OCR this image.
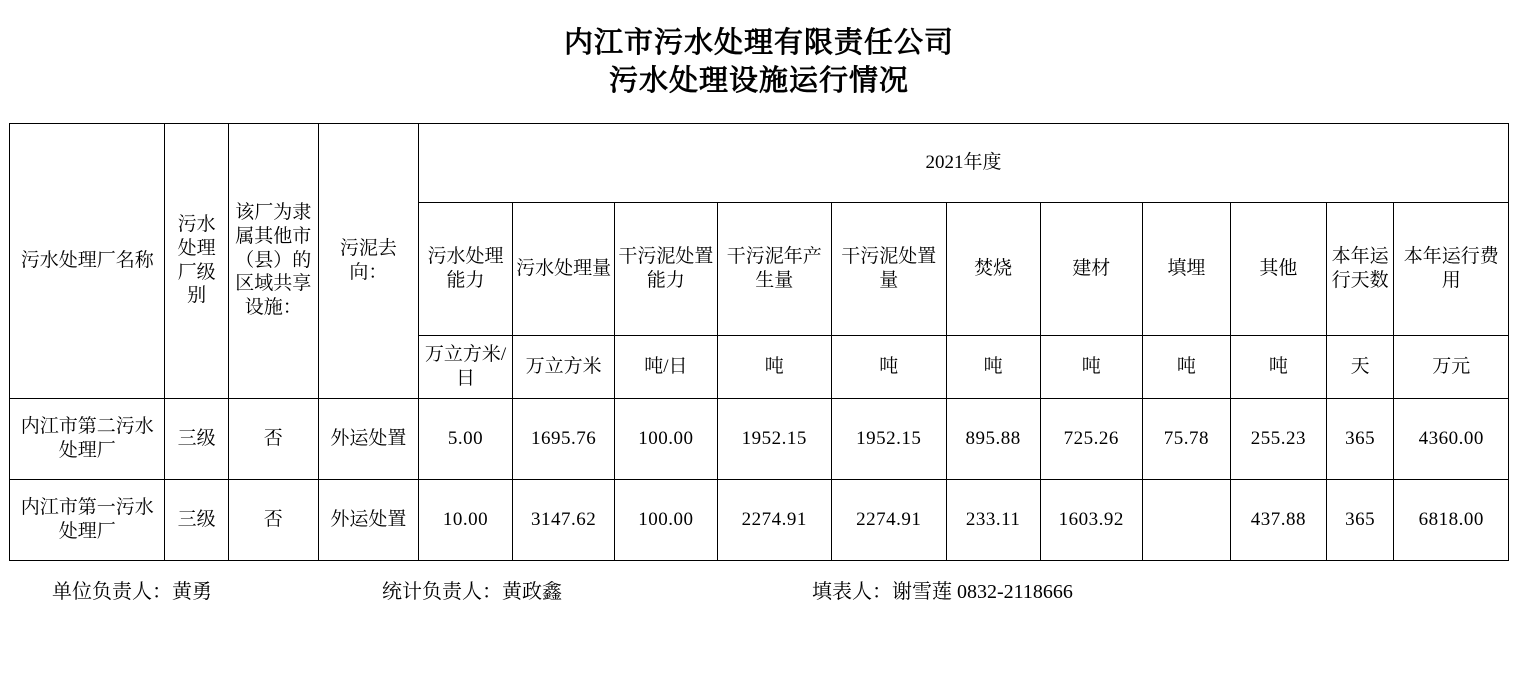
内江市污水处理有限责任公司
污水处理设施运行情况
污水处理厂名称	污水处理厂级别	该厂为隶属其他市（县）的区域共享设施：	污泥去向：	2021年度										
				污水处理能力	污水处理量	干污泥处置能力	干污泥年产生量	干污泥处置量	焚烧	建材	填埋	其他	本年运行天数	本年运行费用
				万立方米/日	万立方米	吨/日	吨	吨	吨	吨	吨	吨	天	万元
内江市第二污水处理厂	三级	否	外运处置	5.00	1695.76	100.00	1952.15	1952.15	895.88	725.26	75.78	255.23	365	4360.00
内江市第一污水处理厂	三级	否	外运处置	10.00	3147.62	100.00	2274.91	2274.91	233.11	1603.92		437.88	365	6818.00
单位负责人：黄勇	统计负责人：黄政鑫	填表人：谢雪莲 0832-2118666
